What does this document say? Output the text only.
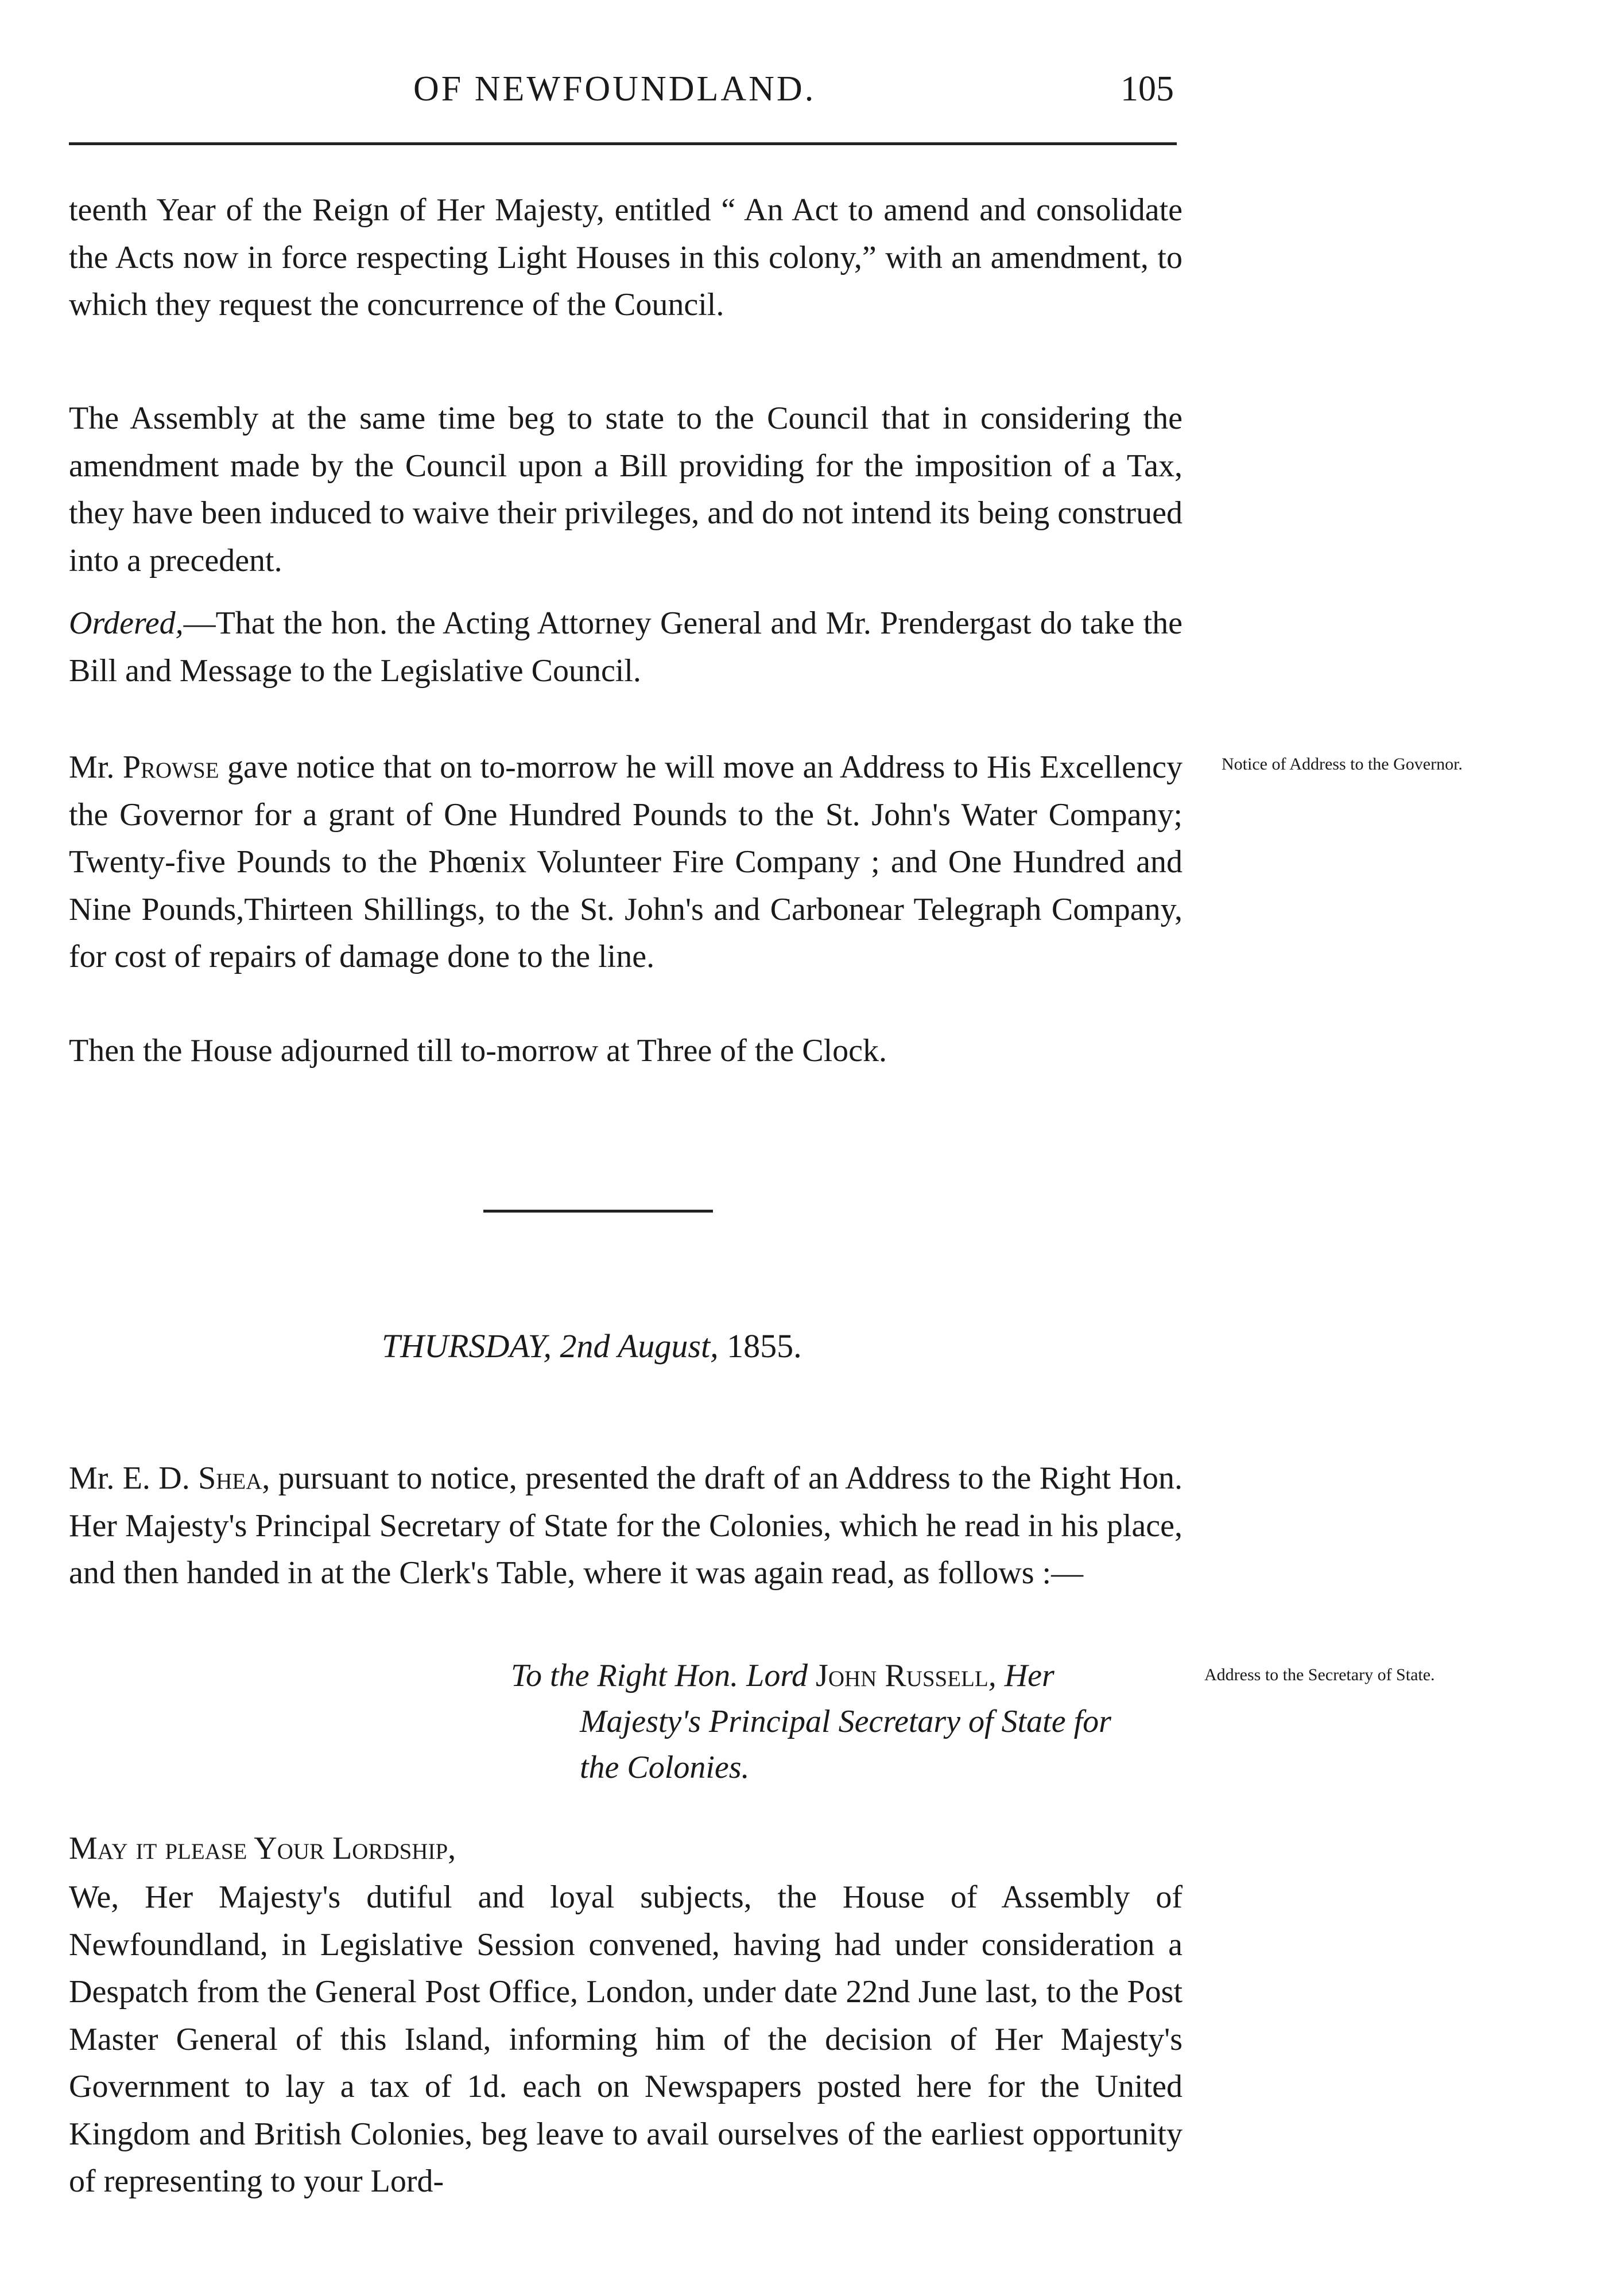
OF NEWFOUNDLAND.	105

teenth Year of the Reign of Her Majesty, entitled “ An Act to amend and consolidate the Acts now in force respecting Light Houses in this colony,” with an amendment, to which they request the concurrence of the Council.

The Assembly at the same time beg to state to the Council that in considering the amendment made by the Council upon a Bill providing for the imposition of a Tax, they have been induced to waive their privileges, and do not intend its being construed into a precedent.

Ordered,—That the hon. the Acting Attorney General and Mr. Prendergast do take the Bill and Message to the Legislative Council.

Mr. Prowse gave notice that on to-morrow he will move an Address to His Excellency the Governor for a grant of One Hundred Pounds to the St. John's Water Company; Twenty-five Pounds to the Phœnix Volunteer Fire Company ; and One Hundred and Nine Pounds,Thirteen Shillings, to the St. John's and Carbonear Telegraph Company, for cost of repairs of damage done to the line.

Notice of Address to the Governor.

Then the House adjourned till to-morrow at Three of the Clock.

THURSDAY, 2nd August, 1855.

Mr. E. D. Shea, pursuant to notice, presented the draft of an Address to the Right Hon. Her Majesty's Principal Secretary of State for the Colonies, which he read in his place, and then handed in at the Clerk's Table, where it was again read, as follows :—

To the Right Hon. Lord John Russell, Her
Majesty's Principal Secretary of State for
the Colonies.
Address to the Secretary of State.

May it please Your Lordship,

We, Her Majesty's dutiful and loyal subjects, the House of Assembly of Newfoundland, in Legislative Session convened, having had under consideration a Despatch from the General Post Office, London, under date 22nd June last, to the Post Master General of this Island, informing him of the decision of Her Majesty's Government to lay a tax of 1d. each on Newspapers posted here for the United Kingdom and British Colonies, beg leave to avail ourselves of the earliest opportunity of representing to your Lord-
